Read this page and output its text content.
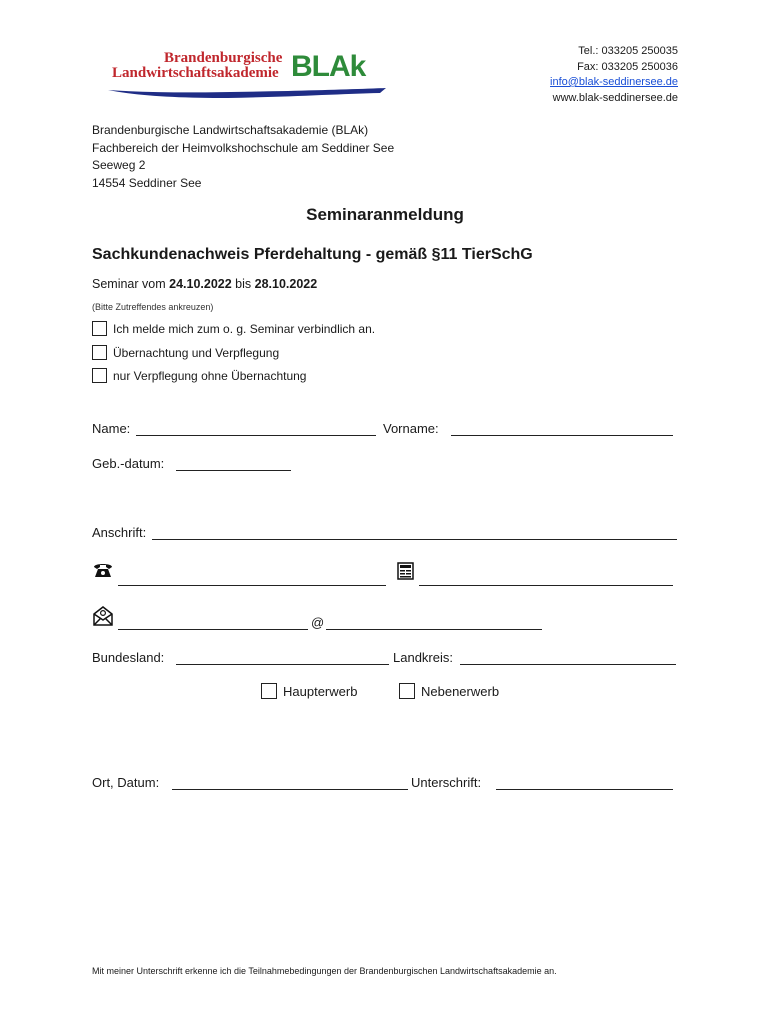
Brandenburgische
Landwirtschaftsakademie BLAk	Tel.: 033205 250035
Fax: 033205 250036
info@blak-seddinersee.de
www.blak-seddinersee.de
Brandenburgische Landwirtschaftsakademie (BLAk)
Fachbereich der Heimvolkshochschule am Seddiner See
Seeweg 2
14554 Seddiner See
Seminaranmeldung
Sachkundenachweis Pferdehaltung - gemäß §11 TierSchG
Seminar vom 24.10.2022 bis 28.10.2022
(Bitte Zutreffendes ankreuzen)
Ich melde mich zum o. g. Seminar verbindlich an.
Übernachtung und Verpflegung
nur Verpflegung ohne Übernachtung
Name:	Vorname:
Geb.-datum:
Anschrift:
@
Bundesland:	Landkreis:
Haupterwerb	Nebenerwerb
Ort, Datum:	Unterschrift:
Mit meiner Unterschrift erkenne ich die Teilnahmebedingungen der Brandenburgischen Landwirtschaftsakademie an.
